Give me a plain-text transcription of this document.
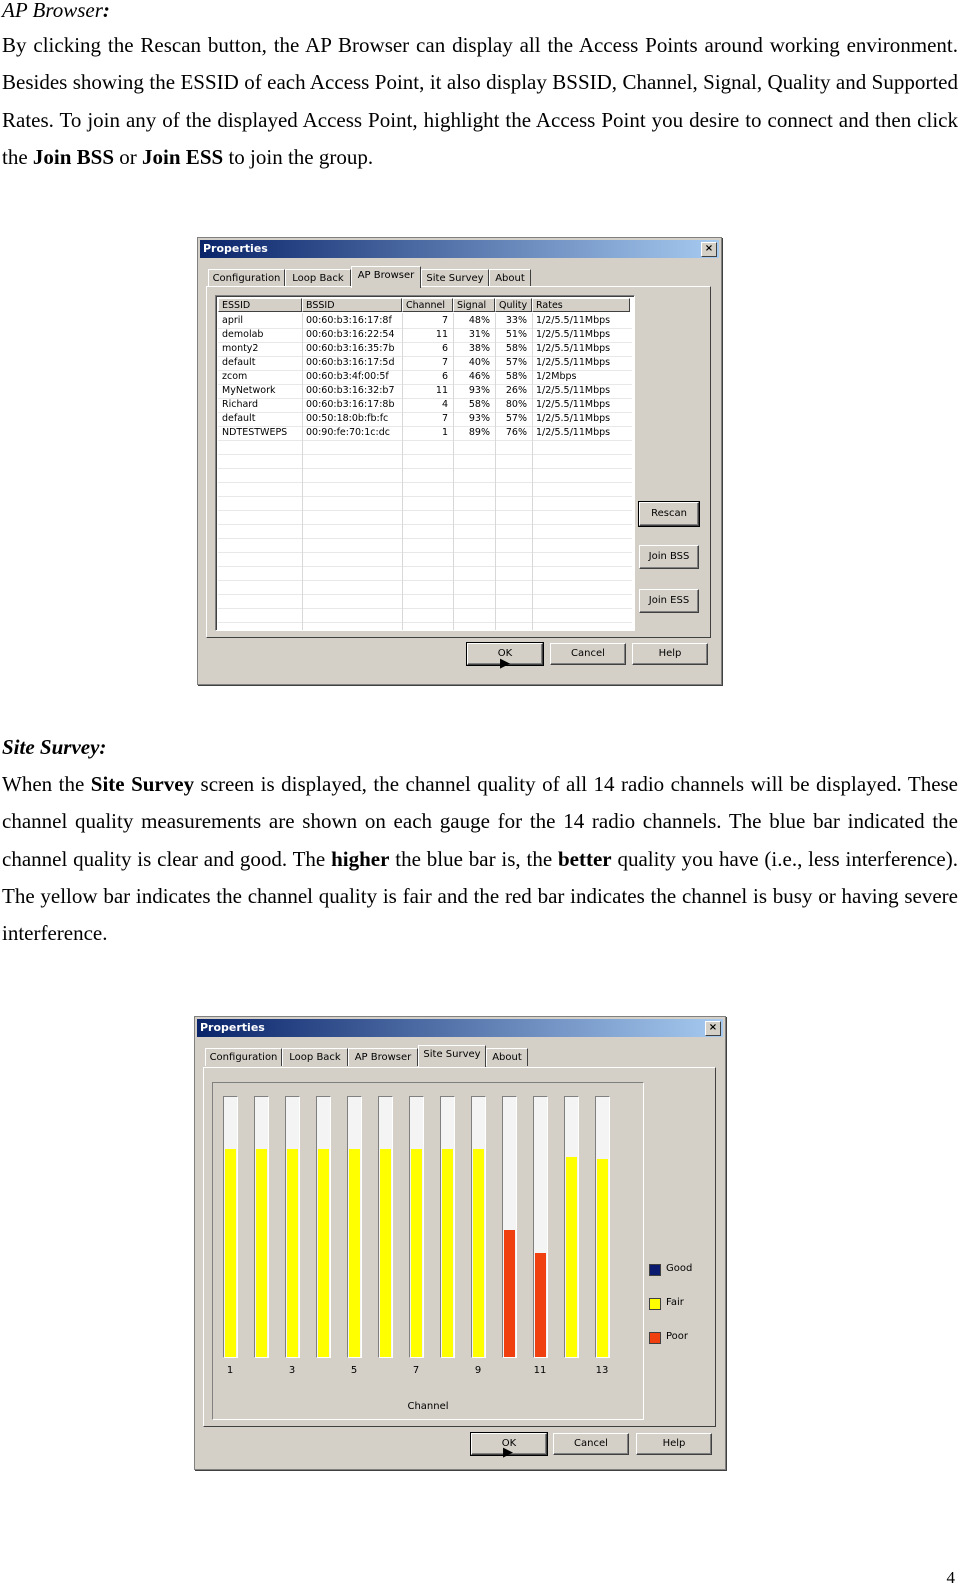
AP Browser:

By clicking the Rescan button, the AP Browser can display all the Access Points around working environment. Besides showing the ESSID of each Access Point, it also display BSSID, Channel, Signal, Quality and Supported Rates. To join any of the displayed Access Point, highlight the Access Point you desire to connect and then click the Join BSS or Join ESS to join the group.

Properties	×
Configuration	Loop Back	AP Browser	Site Survey	About
ESSID	BSSID	Channel	Signal	Qulity Rates
april	00:60:b3:16:17:8f	7	48%	33% 1/2/5.5/11Mbps
demolab	00:60:b3:16:22:54	11	31%	51% 1/2/5.5/11Mbps
monty2	00:60:b3:16:35:7b	6	38%	58% 1/2/5.5/11Mbps
default	00:60:b3:16:17:5d	7	40%	57% 1/2/5.5/11Mbps
zcom	00:60:b3:4f:00:5f	6	46%	58% 1/2Mbps
MyNetwork	00:60:b3:16:32:b7	11	93%	26% 1/2/5.5/11Mbps
Richard	00:60:b3:16:17:8b	4	58%	80% 1/2/5.5/11Mbps
default	00:50:18:0b:fb:fc	7	93%	57% 1/2/5.5/11Mbps
NDTESTWEPS	00:90:fe:70:1c:dc	1	89%	76% 1/2/5.5/11Mbps
Rescan
Join BSS
Join ESS
OK	Cancel	Help
▶
Site Survey:

When the Site Survey screen is displayed, the channel quality of all 14 radio channels will be displayed. These channel quality measurements are shown on each gauge for the 14 radio channels. The blue bar indicated the channel quality is clear and good. The higher the blue bar is, the better quality you have (i.e., less interference). The yellow bar indicates the channel quality is fair and the red bar indicates the channel is busy or having severe interference.

Properties	×
Configuration	Loop Back	AP Browser	Site Survey	About
1	3	5	7	9	11	13
Channel
Good
Fair
Poor
OK	Cancel	Help
▶
4
